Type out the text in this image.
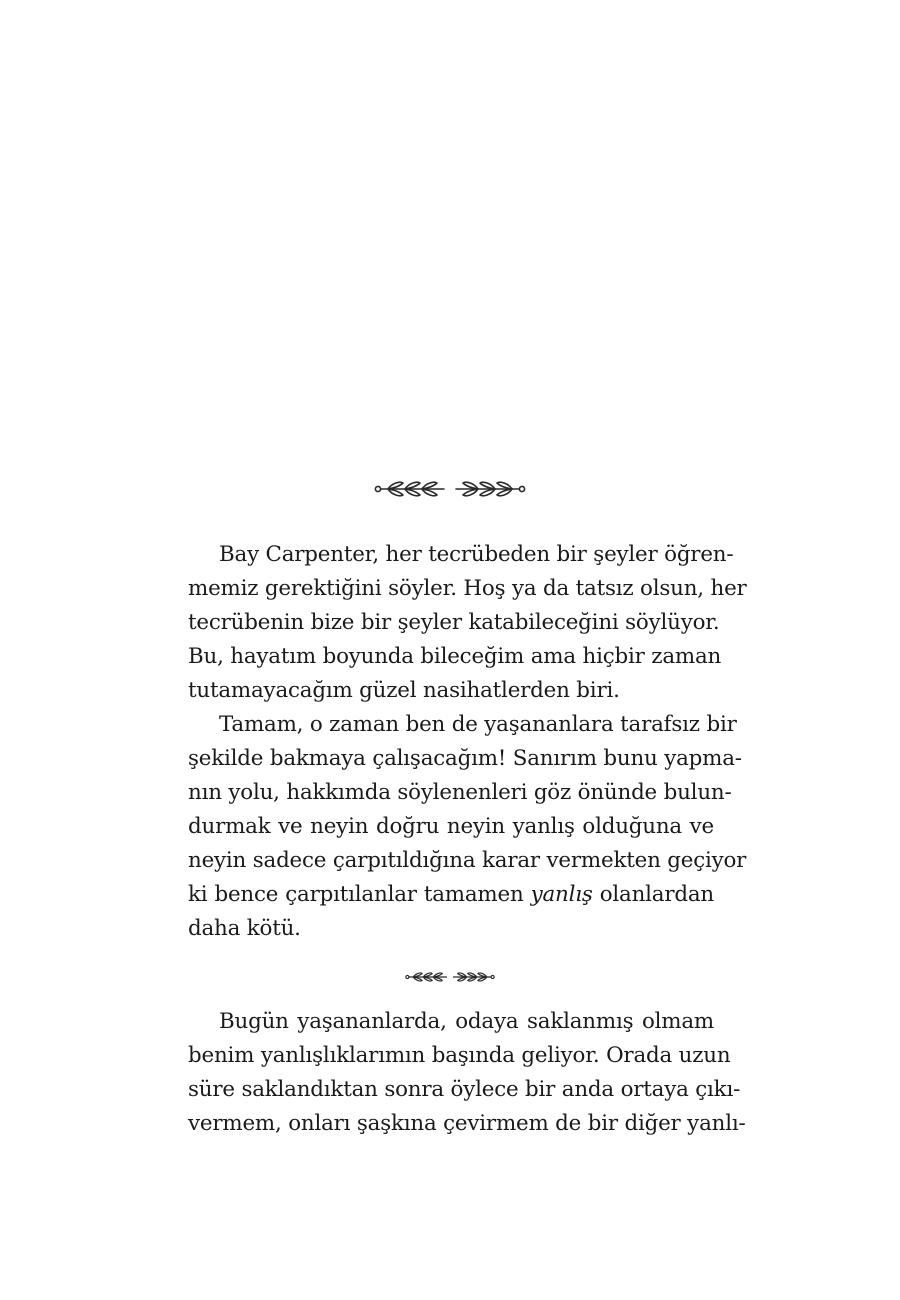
Bay Carpenter, her tecrübeden bir şeyler öğren-
memiz gerektiğini söyler. Hoş ya da tatsız olsun, her
tecrübenin bize bir şeyler katabileceğini söylüyor.
Bu, hayatım boyunda bileceğim ama hiçbir zaman
tutamayacağım güzel nasihatlerden biri.
Tamam, o zaman ben de yaşananlara tarafsız bir
şekilde bakmaya çalışacağım! Sanırım bunu yapma-
nın yolu, hakkımda söylenenleri göz önünde bulun-
durmak ve neyin doğru neyin yanlış olduğuna ve
neyin sadece çarpıtıldığına karar vermekten geçiyor
ki bence çarpıtılanlar tamamen yanlış olanlardan
daha kötü.
Bugün yaşananlarda, odaya saklanmış olmam
benim yanlışlıklarımın başında geliyor. Orada uzun
süre saklandıktan sonra öylece bir anda ortaya çıkı-
vermem, onları şaşkına çevirmem de bir diğer yanlı-
